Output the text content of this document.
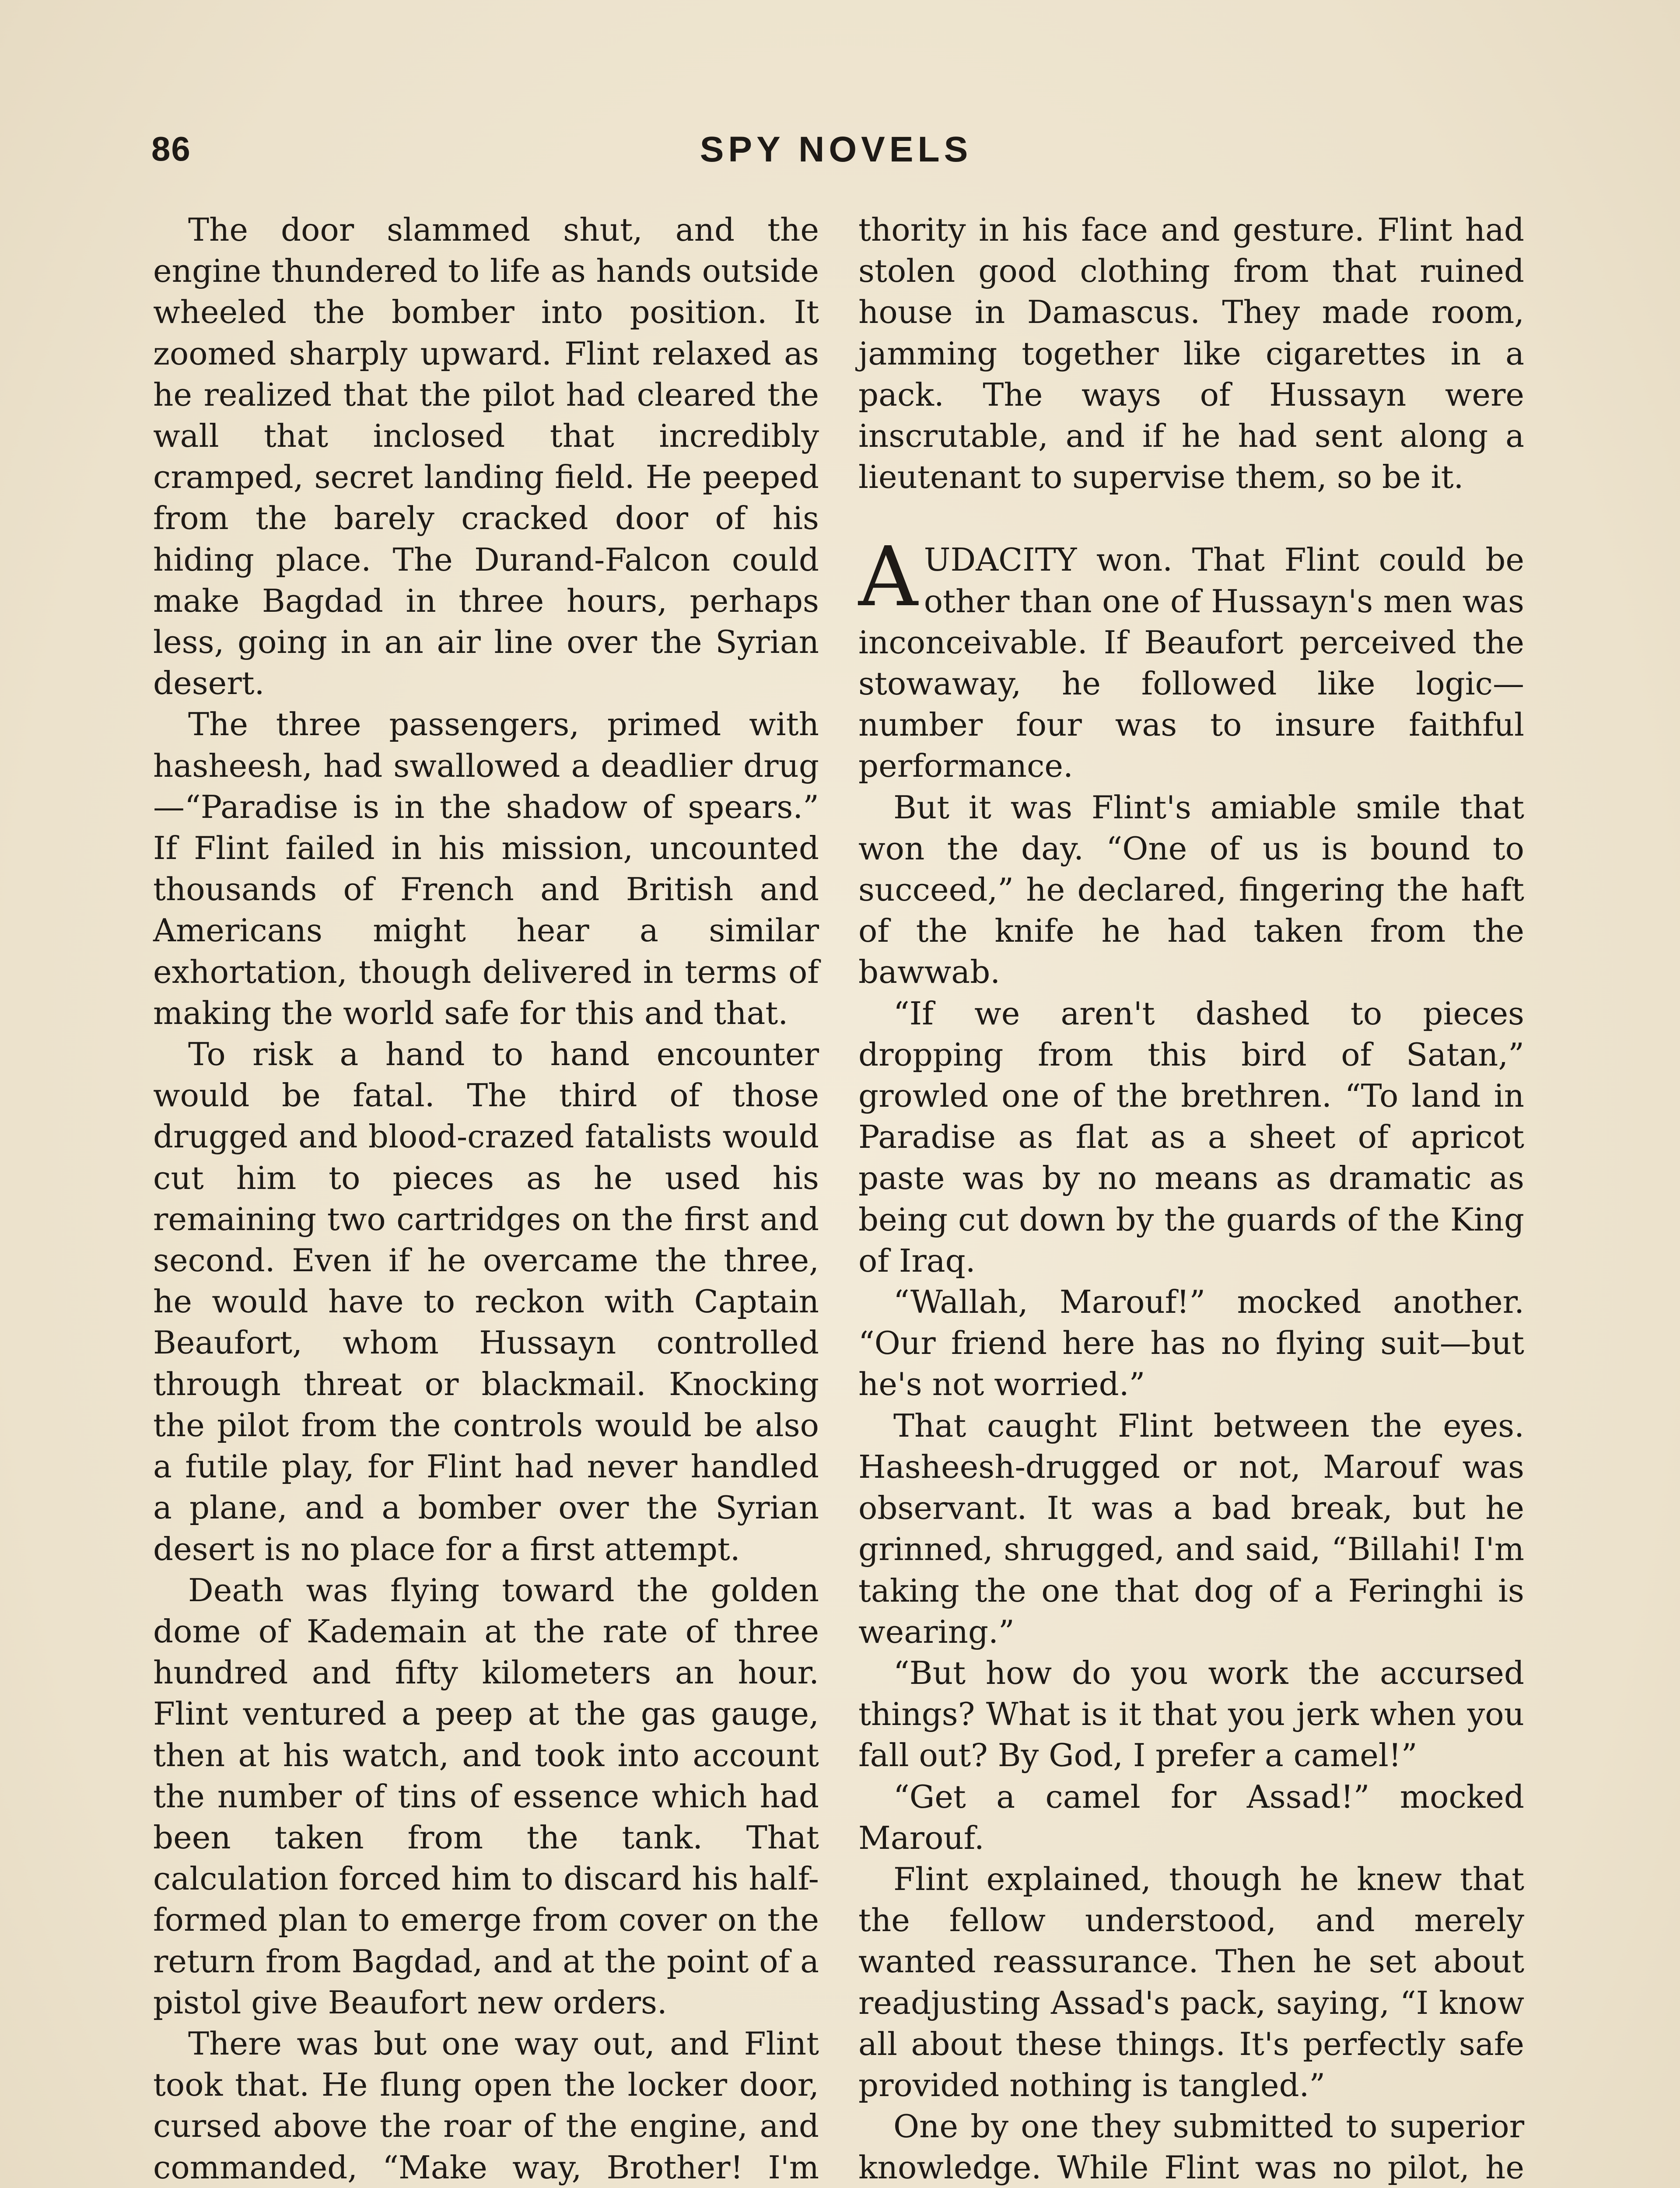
86	SPY NOVELS

The door slammed shut, and the engine thundered to life as hands outside wheeled the bomber into position. It zoomed sharply upward. Flint relaxed as he realized that the pilot had cleared the wall that inclosed that incredibly cramped, secret landing field. He peeped from the barely cracked door of his hiding place. The Durand-Falcon could make Bagdad in three hours, perhaps less, going in an air line over the Syrian desert.

The three passengers, primed with hasheesh, had swallowed a deadlier drug —“Paradise is in the shadow of spears.” If Flint failed in his mission, uncounted thousands of French and British and Americans might hear a similar exhortation, though delivered in terms of making the world safe for this and that.

To risk a hand to hand encounter would be fatal. The third of those drugged and blood-crazed fatalists would cut him to pieces as he used his remaining two cartridges on the first and second. Even if he overcame the three, he would have to reckon with Captain Beaufort, whom Hussayn controlled through threat or blackmail. Knocking the pilot from the controls would be also a futile play, for Flint had never handled a plane, and a bomber over the Syrian desert is no place for a first attempt.

Death was flying toward the golden dome of Kademain at the rate of three hundred and fifty kilometers an hour. Flint ventured a peep at the gas gauge, then at his watch, and took into account the number of tins of essence which had been taken from the tank. That calculation forced him to discard his half-formed plan to emerge from cover on the return from Bagdad, and at the point of a pistol give Beaufort new orders.

There was but one way out, and Flint took that. He flung open the locker door, cursed above the roar of the engine, and commanded, “Make way, Brother! I'm

thority in his face and gesture. Flint had stolen good clothing from that ruined house in Damascus. They made room, jamming together like cigarettes in a pack. The ways of Hussayn were inscrutable, and if he had sent along a lieutenant to supervise them, so be it.

AUDACITY won. That Flint could be other than one of Hussayn's men was inconceivable. If Beaufort perceived the stowaway, he followed like logic—number four was to insure faithful performance.

But it was Flint's amiable smile that won the day. “One of us is bound to succeed,” he declared, fingering the haft of the knife he had taken from the bawwab.

“If we aren't dashed to pieces dropping from this bird of Satan,” growled one of the brethren. “To land in Paradise as flat as a sheet of apricot paste was by no means as dramatic as being cut down by the guards of the King of Iraq.

“Wallah, Marouf!” mocked another. “Our friend here has no flying suit—but he's not worried.”

That caught Flint between the eyes. Hasheesh-drugged or not, Marouf was observant. It was a bad break, but he grinned, shrugged, and said, “Billahi! I'm taking the one that dog of a Feringhi is wearing.”

“But how do you work the accursed things? What is it that you jerk when you fall out? By God, I prefer a camel!”

“Get a camel for Assad!” mocked Marouf.

Flint explained, though he knew that the fellow understood, and merely wanted reassurance. Then he set about readjusting Assad's pack, saying, “I know all about these things. It's perfectly safe provided nothing is tangled.”

One by one they submitted to superior knowledge. While Flint was no pilot, he
